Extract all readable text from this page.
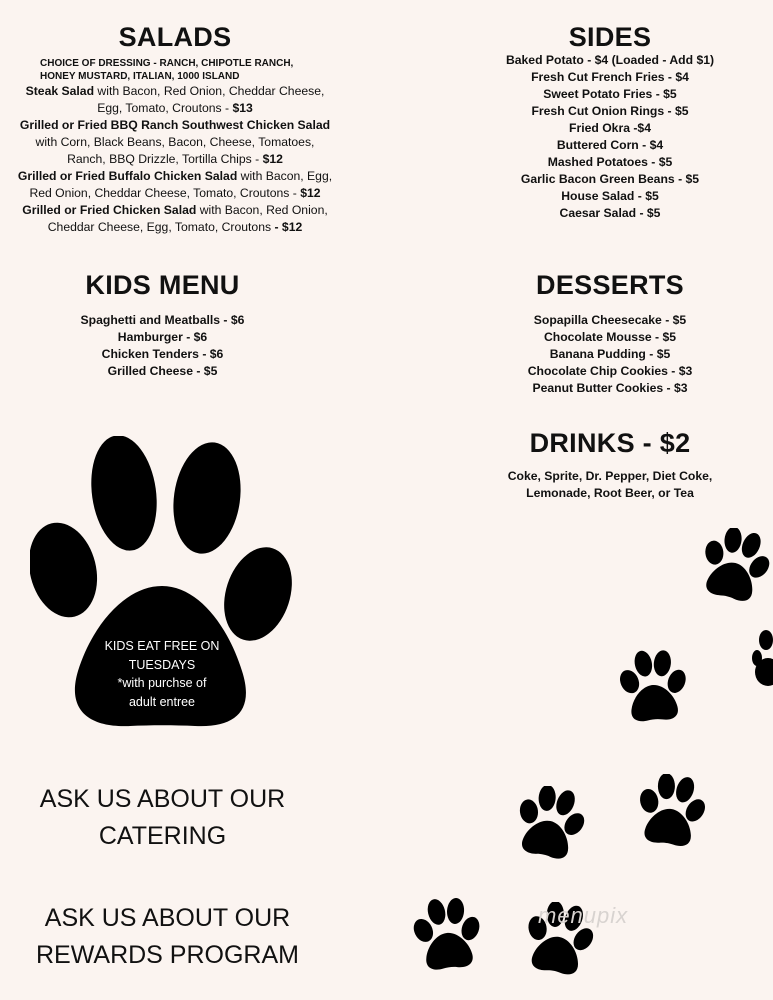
SALADS
CHOICE OF DRESSING - RANCH, CHIPOTLE RANCH,
HONEY MUSTARD, ITALIAN, 1000 ISLAND
Steak Salad with Bacon, Red Onion, Cheddar Cheese,
Egg, Tomato, Croutons - $13
Grilled or Fried BBQ Ranch Southwest Chicken Salad
with Corn, Black Beans, Bacon, Cheese, Tomatoes,
Ranch, BBQ Drizzle, Tortilla Chips - $12
Grilled or Fried Buffalo Chicken Salad with Bacon, Egg,
Red Onion, Cheddar Cheese, Tomato, Croutons - $12
Grilled or Fried Chicken Salad with Bacon, Red Onion,
Cheddar Cheese, Egg, Tomato, Croutons - $12
SIDES
Baked Potato - $4 (Loaded - Add $1)
Fresh Cut French Fries - $4
Sweet Potato Fries - $5
Fresh Cut Onion Rings - $5
Fried Okra -$4
Buttered Corn - $4
Mashed Potatoes - $5
Garlic Bacon Green Beans - $5
House Salad - $5
Caesar Salad - $5
KIDS MENU
Spaghetti and Meatballs - $6
Hamburger - $6
Chicken Tenders - $6
Grilled Cheese - $5
DESSERTS
Sopapilla Cheesecake - $5
Chocolate Mousse - $5
Banana Pudding - $5
Chocolate Chip Cookies - $3
Peanut Butter Cookies - $3
DRINKS - $2
Coke, Sprite, Dr. Pepper, Diet Coke,
Lemonade, Root Beer, or Tea
KIDS EAT FREE ON
TUESDAYS
*with purchse of
adult entree
ASK US ABOUT OUR
CATERING
ASK US ABOUT OUR
REWARDS PROGRAM
menupix
